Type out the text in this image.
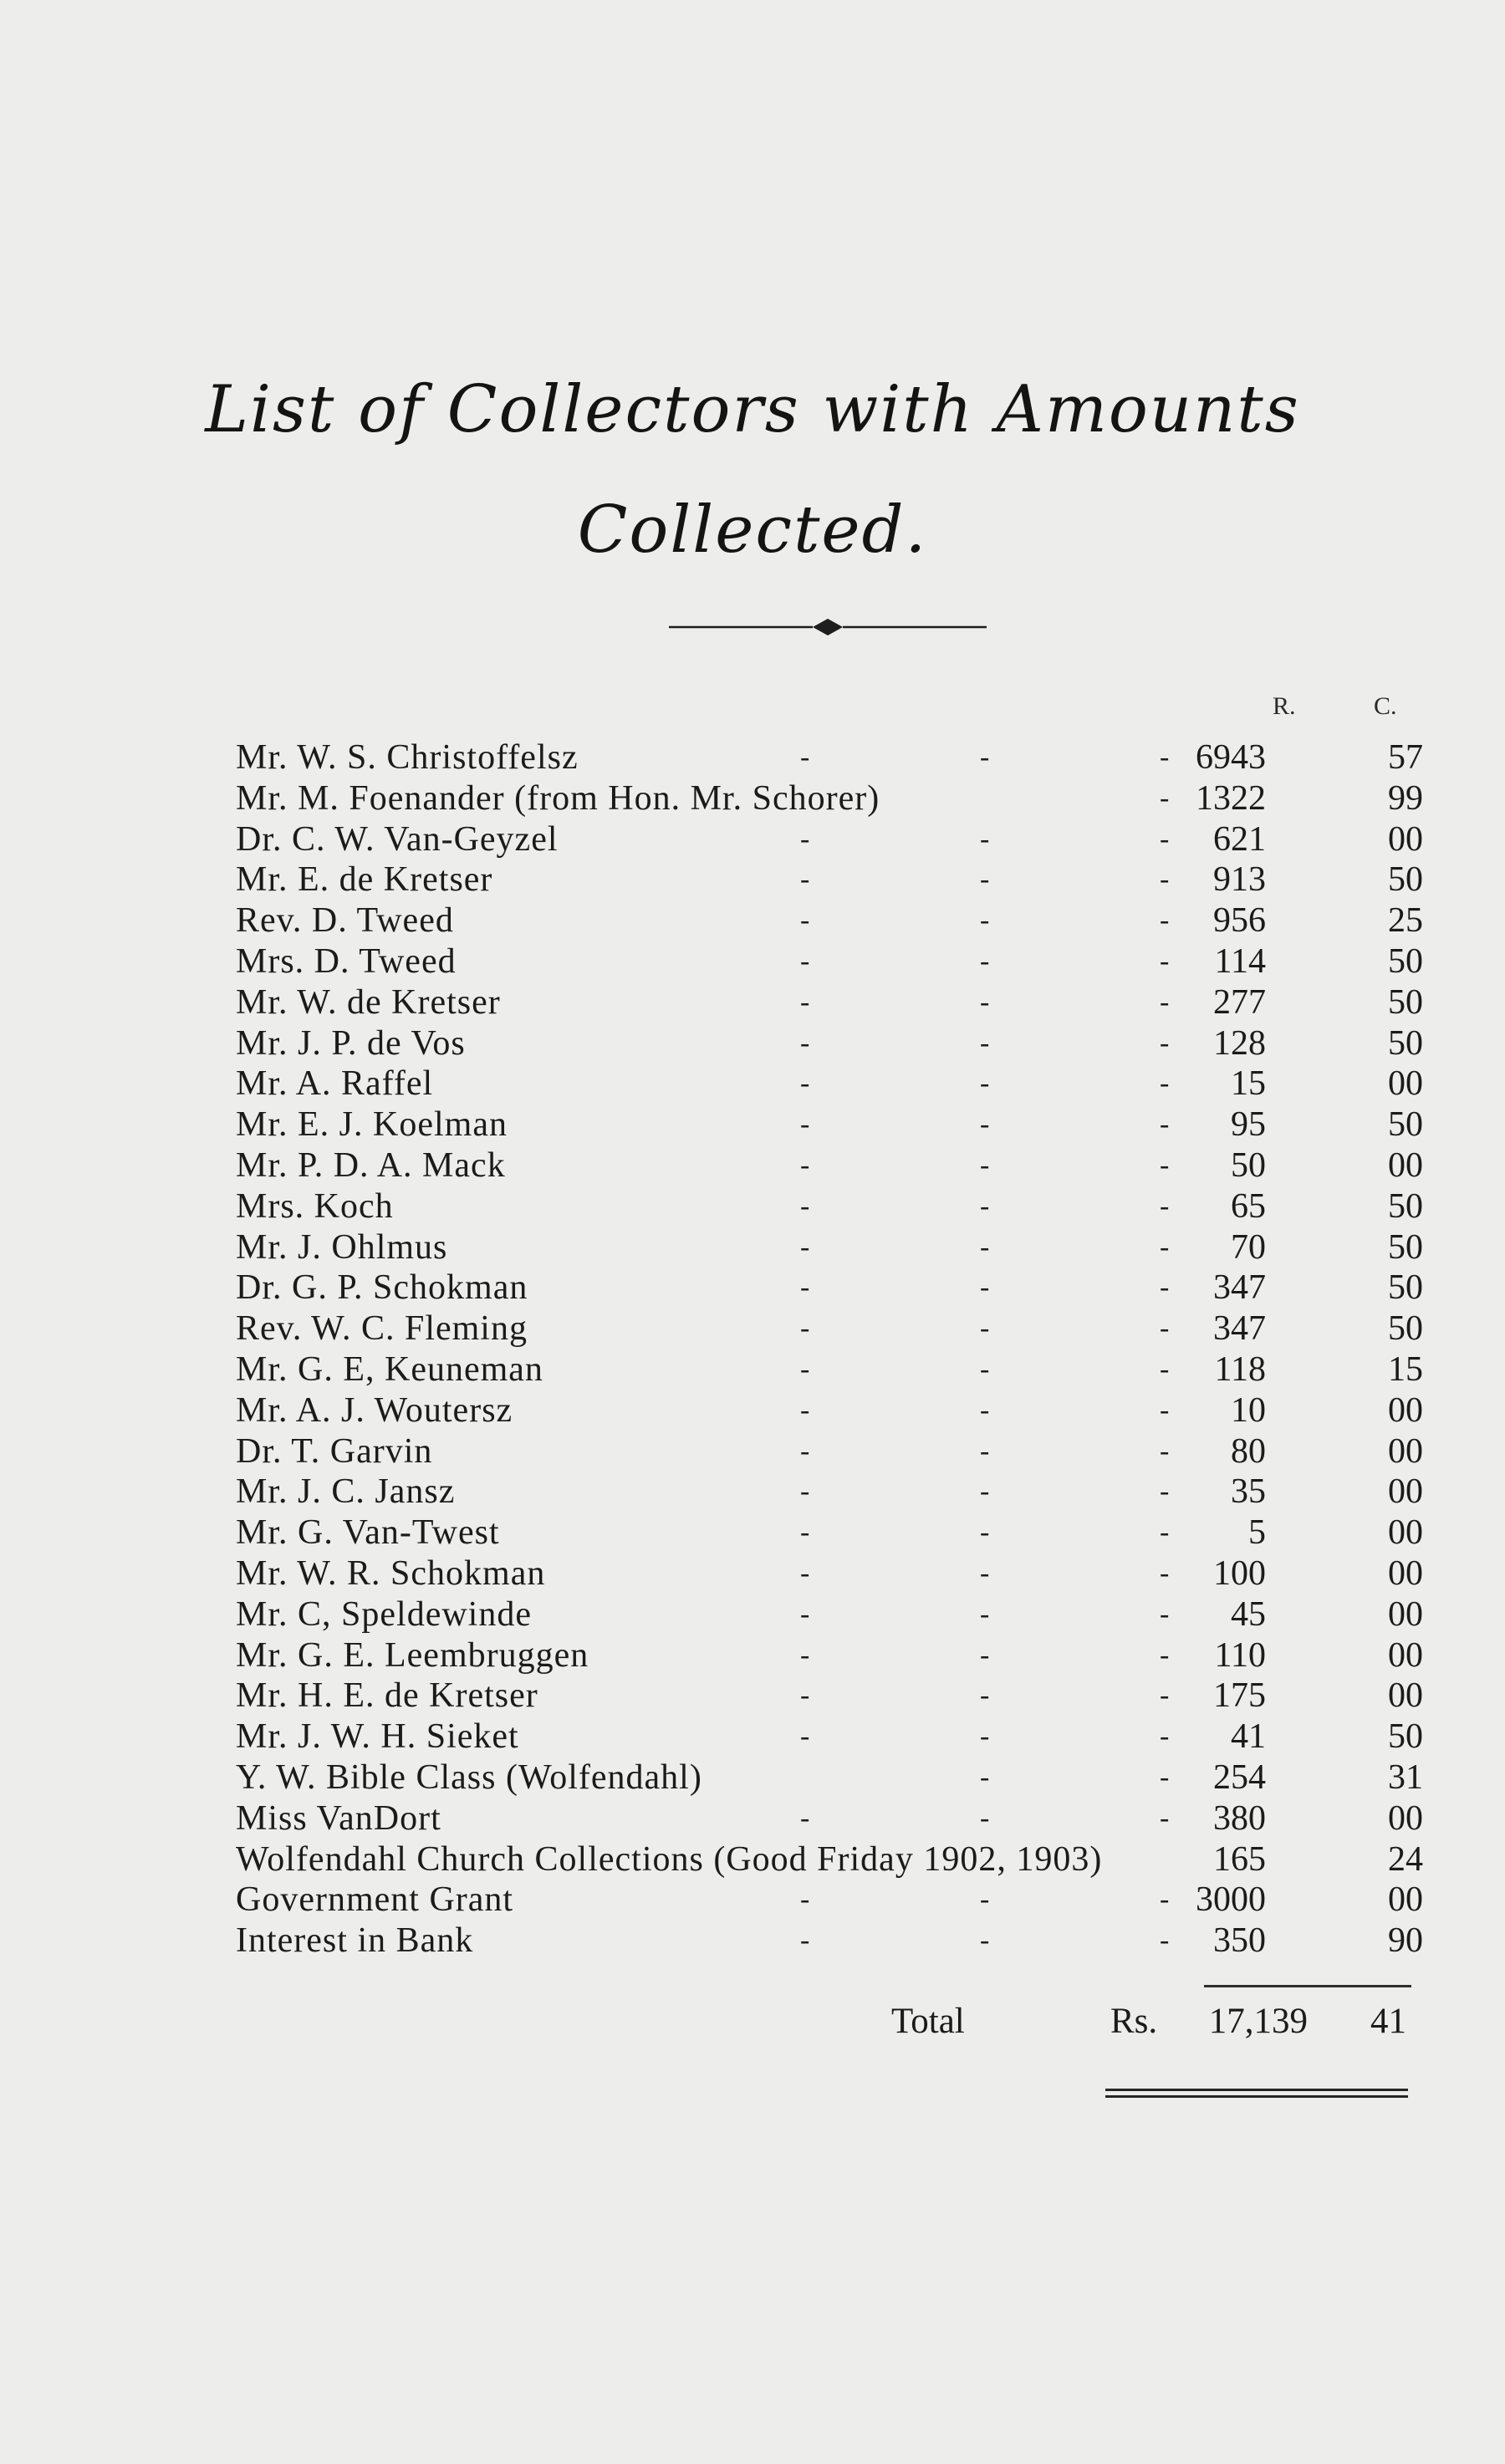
List of Collectors with Amounts
Collected.
R.	C.
Mr. W. S. Christoffelsz	-	-	- 6943	57
Mr. M. Foenander (from Hon. Mr. Schorer)	- 1322	99
Dr. C. W. Van-Geyzel	-	-	- 621	00
Mr. E. de Kretser	-	-	- 913	50
Rev. D. Tweed	-	-	- 956	25
Mrs. D. Tweed	-	-	- 114	50
Mr. W. de Kretser	-	-	- 277	50
Mr. J. P. de Vos	-	-	- 128	50
Mr. A. Raffel	-	-	- 15	00
Mr. E. J. Koelman	-	-	- 95	50
Mr. P. D. A. Mack	-	-	- 50	00
Mrs. Koch	-	-	- 65	50
Mr. J. Ohlmus	-	-	- 70	50
Dr. G. P. Schokman	-	-	- 347	50
Rev. W. C. Fleming	-	-	- 347	50
Mr. G. E, Keuneman	-	-	- 118	15
Mr. A. J. Woutersz	-	-	- 10	00
Dr. T. Garvin	-	-	- 80	00
Mr. J. C. Jansz	-	-	- 35	00
Mr. G. Van-Twest	-	-	- 5	00
Mr. W. R. Schokman	-	-	- 100	00
Mr. C, Speldewinde	-	-	- 45	00
Mr. G. E. Leembruggen	-	-	- 110	00
Mr. H. E. de Kretser	-	-	- 175	00
Mr. J. W. H. Sieket	-	-	- 41	50
Y. W. Bible Class (Wolfendahl)	-	- 254	31
Miss VanDort	-	-	- 380	00
Wolfendahl Church Collections (Good Friday 1902, 1903)	165	24
Government Grant	-	-	- 3000	00
Interest in Bank	-	-	- 350	90
Total	Rs. 17,139 41
